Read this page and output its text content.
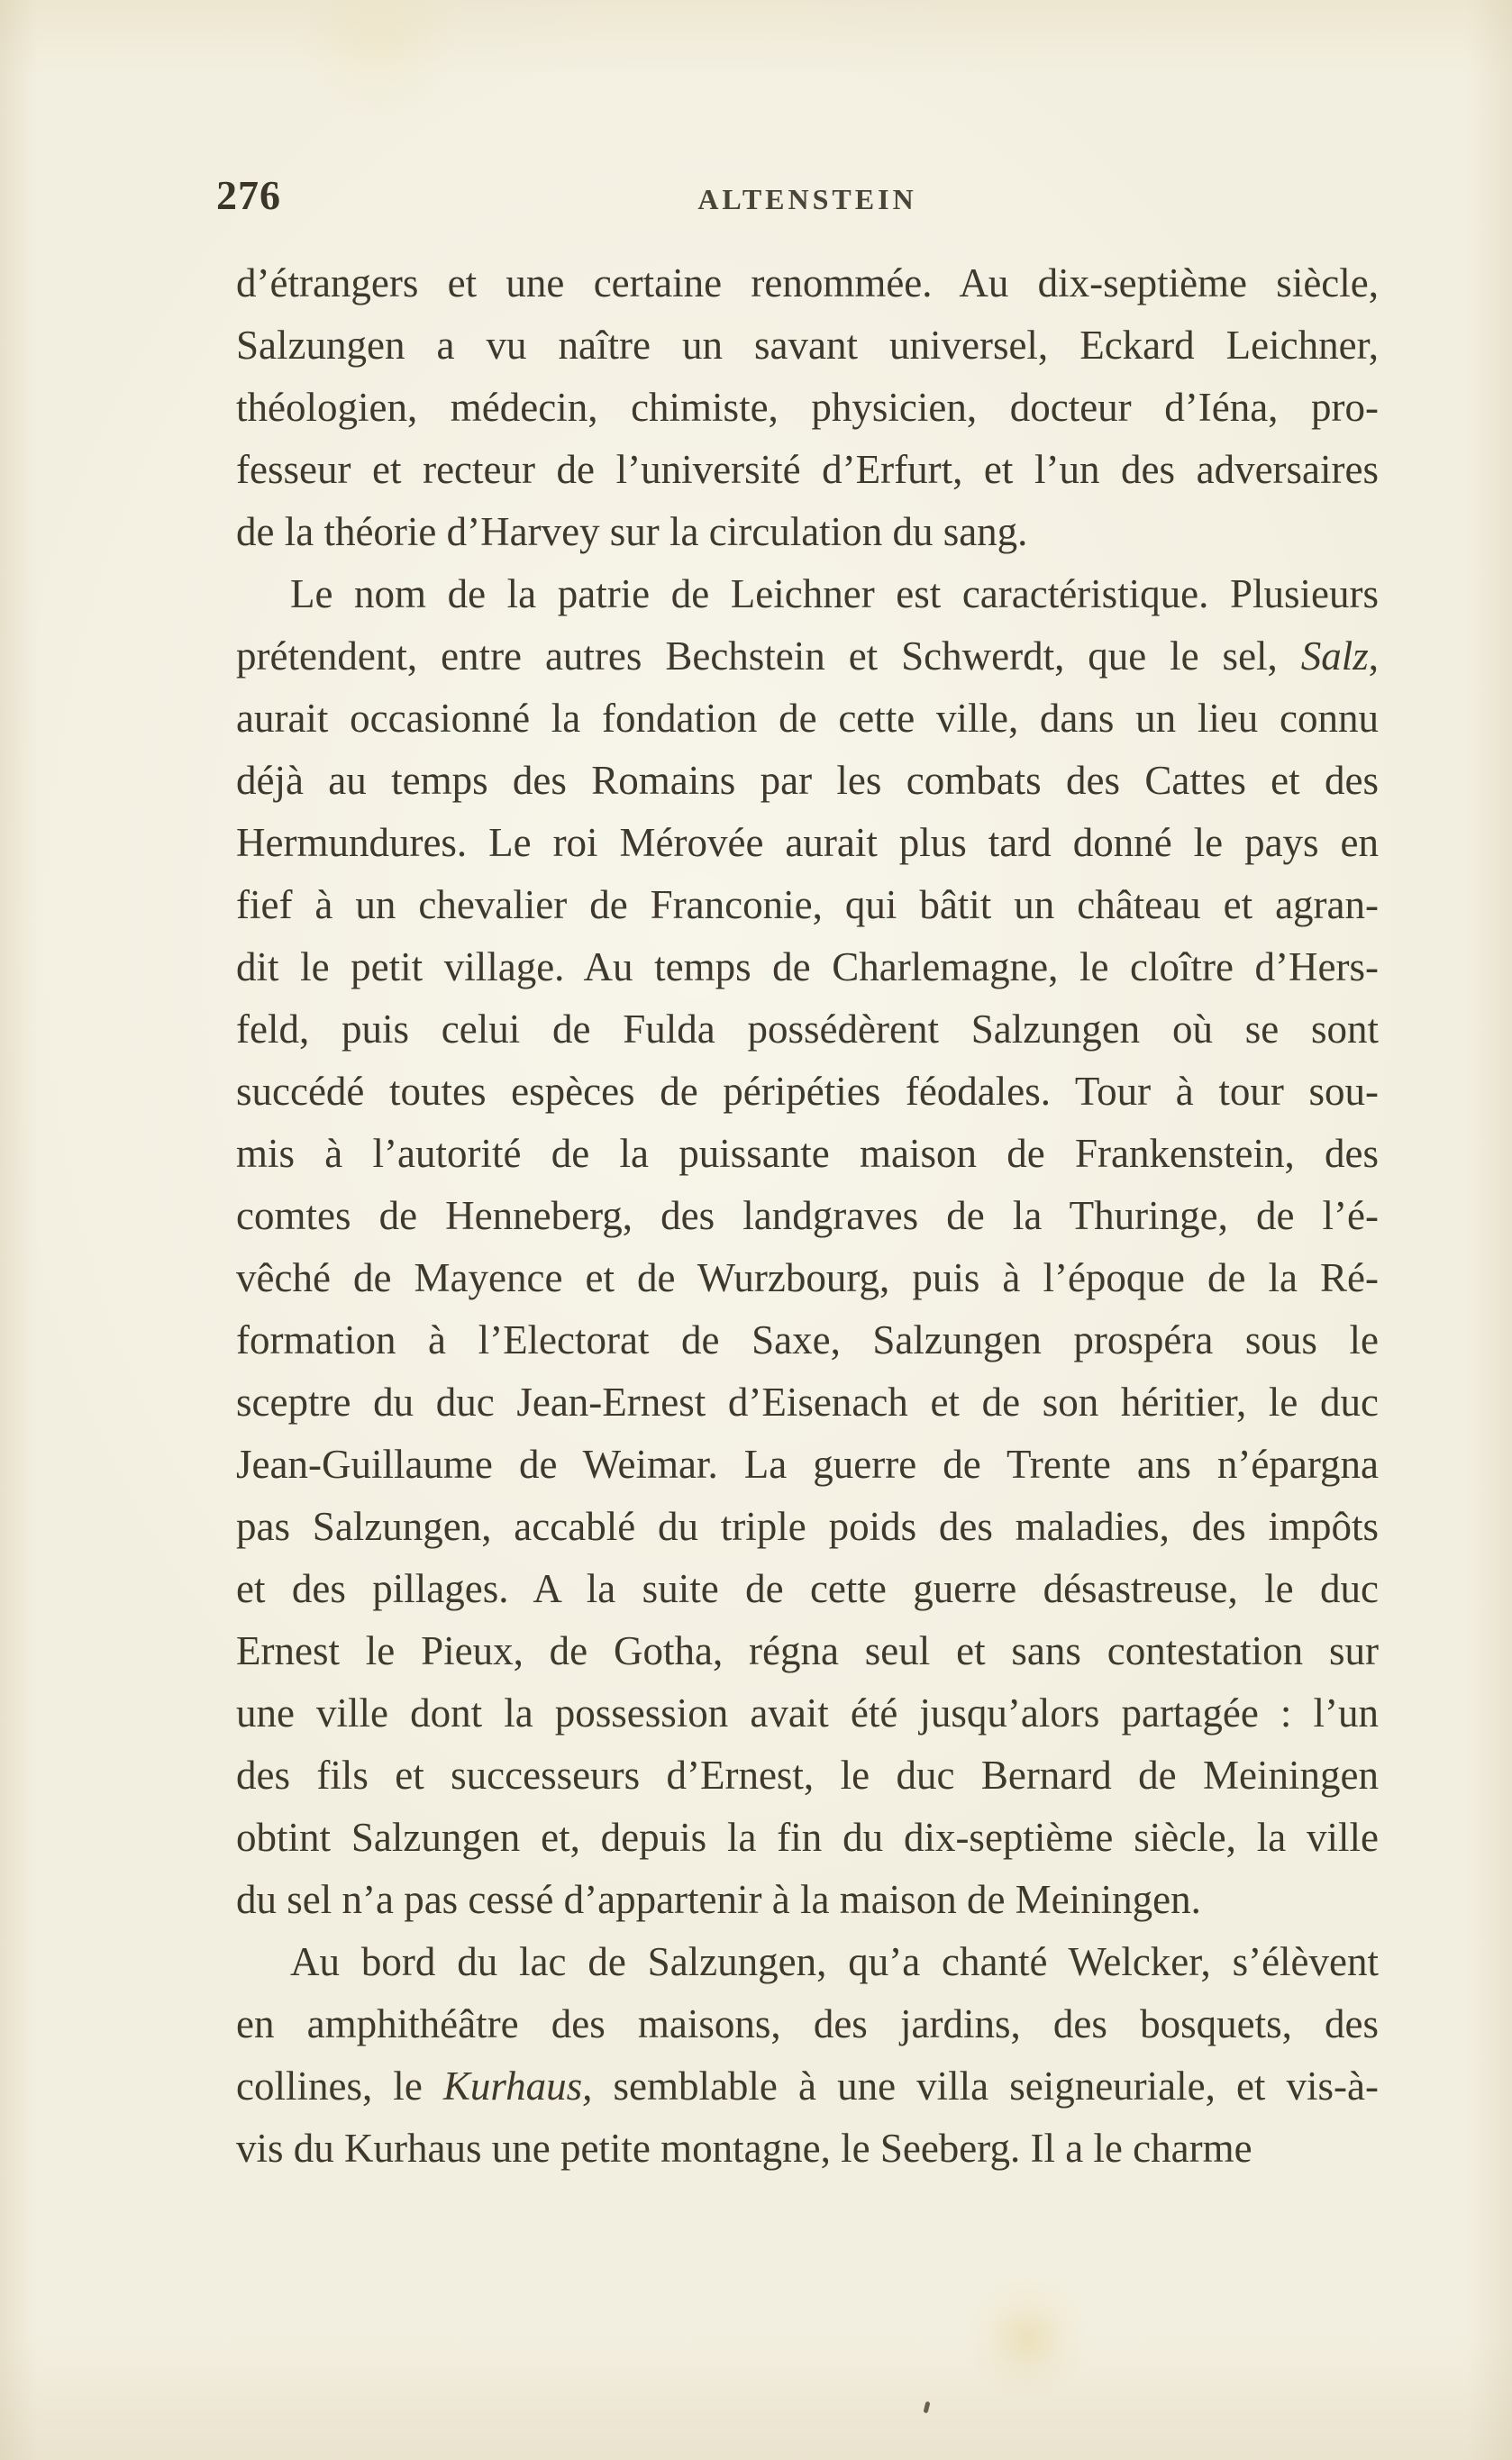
276	ALTENSTEIN
d’étrangers et une certaine renommée. Au dix-septième siècle,
Salzungen a vu naître un savant universel, Eckard Leichner,
théologien, médecin, chimiste, physicien, docteur d’Iéna, pro-
fesseur et recteur de l’université d’Erfurt, et l’un des adversaires
de la théorie d’Harvey sur la circulation du sang.
Le nom de la patrie de Leichner est caractéristique. Plusieurs
prétendent, entre autres Bechstein et Schwerdt, que le sel, Salz,
aurait occasionné la fondation de cette ville, dans un lieu connu
déjà au temps des Romains par les combats des Cattes et des
Hermundures. Le roi Mérovée aurait plus tard donné le pays en
fief à un chevalier de Franconie, qui bâtit un château et agran-
dit le petit village. Au temps de Charlemagne, le cloître d’Hers-
feld, puis celui de Fulda possédèrent Salzungen où se sont
succédé toutes espèces de péripéties féodales. Tour à tour sou-
mis à l’autorité de la puissante maison de Frankenstein, des
comtes de Henneberg, des landgraves de la Thuringe, de l’é-
vêché de Mayence et de Wurzbourg, puis à l’époque de la Ré-
formation à l’Electorat de Saxe, Salzungen prospéra sous le
sceptre du duc Jean-Ernest d’Eisenach et de son héritier, le duc
Jean-Guillaume de Weimar. La guerre de Trente ans n’épargna
pas Salzungen, accablé du triple poids des maladies, des impôts
et des pillages. A la suite de cette guerre désastreuse, le duc
Ernest le Pieux, de Gotha, régna seul et sans contestation sur
une ville dont la possession avait été jusqu’alors partagée : l’un
des fils et successeurs d’Ernest, le duc Bernard de Meiningen
obtint Salzungen et, depuis la fin du dix-septième siècle, la ville
du sel n’a pas cessé d’appartenir à la maison de Meiningen.
Au bord du lac de Salzungen, qu’a chanté Welcker, s’élèvent
en amphithéâtre des maisons, des jardins, des bosquets, des
collines, le Kurhaus, semblable à une villa seigneuriale, et vis-à-
vis du Kurhaus une petite montagne, le Seeberg. Il a le charme
